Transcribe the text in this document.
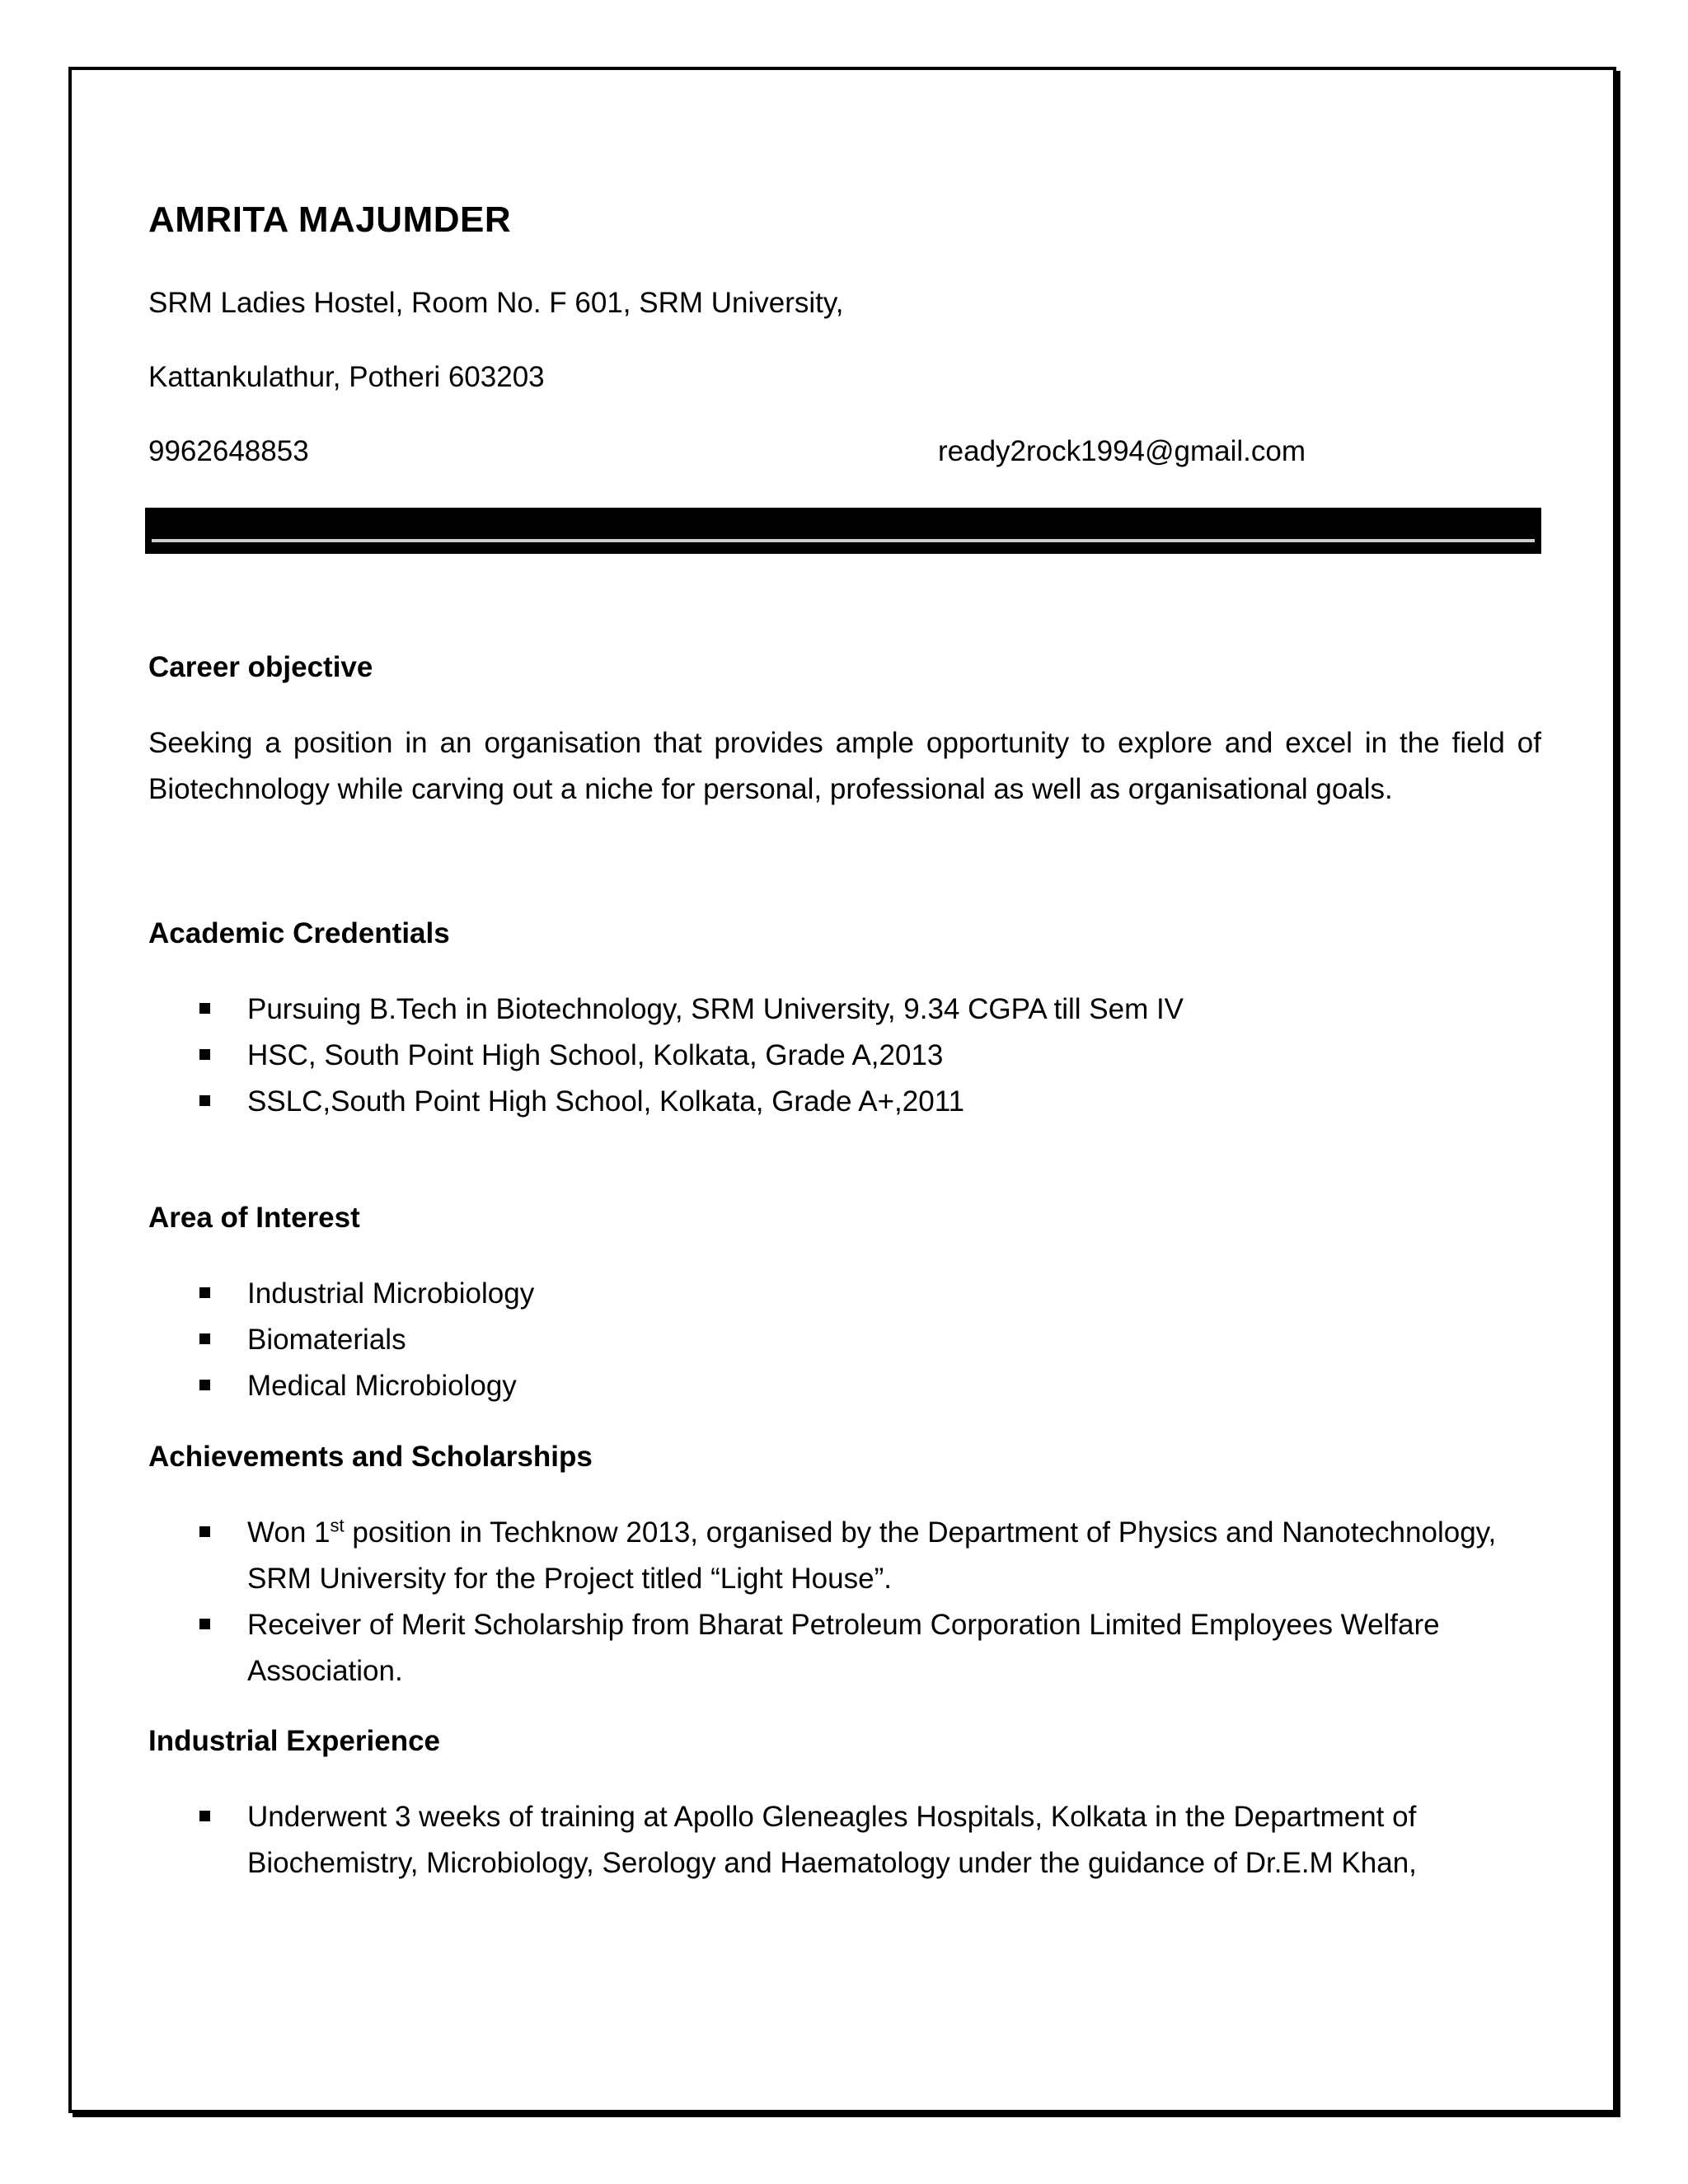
AMRITA MAJUMDER
SRM Ladies Hostel, Room No. F 601, SRM University,
Kattankulathur, Potheri 603203
9962648853	ready2rock1994@gmail.com
Career objective
Seeking a position in an organisation that provides ample opportunity to explore and excel in the field of Biotechnology while carving out a niche for personal, professional as well as organisational goals.
Academic Credentials
Pursuing B.Tech in Biotechnology, SRM University, 9.34 CGPA till Sem IV
HSC, South Point High School, Kolkata, Grade A,2013
SSLC,South Point High School, Kolkata, Grade A+,2011
Area of Interest
Industrial Microbiology
Biomaterials
Medical Microbiology
Achievements and Scholarships
Won 1st position in Techknow 2013, organised by the Department of Physics and Nanotechnology, SRM University for the Project titled “Light House”.
Receiver of Merit Scholarship from Bharat Petroleum Corporation Limited Employees Welfare Association.
Industrial Experience
Underwent 3 weeks of training at Apollo Gleneagles Hospitals, Kolkata in the Department of Biochemistry, Microbiology, Serology and Haematology under the guidance of Dr.E.M Khan,
